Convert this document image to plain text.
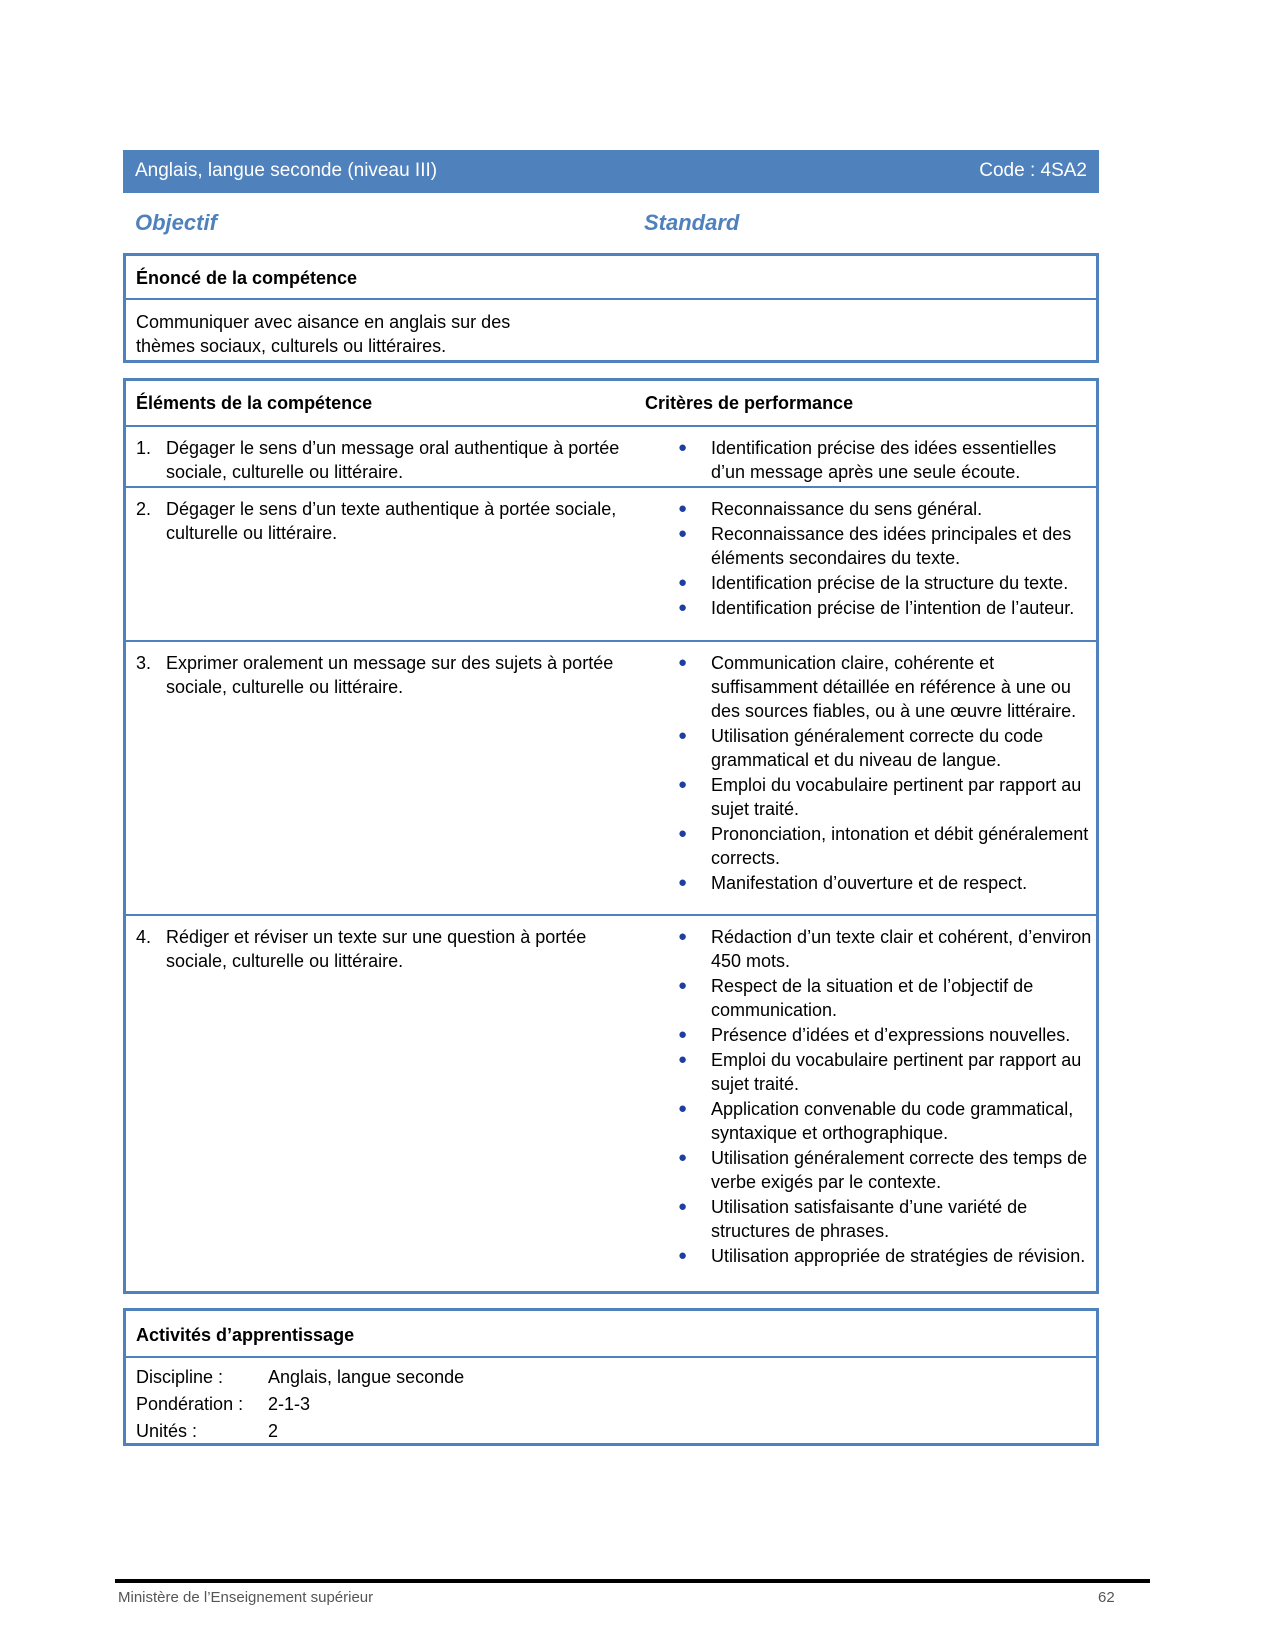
Anglais, langue seconde (niveau III)	Code : 4SA2
Objectif	Standard
Énoncé de la compétence
Communiquer avec aisance en anglais sur des
thèmes sociaux, culturels ou littéraires.
Éléments de la compétence	Critères de performance
1. Dégager le sens d’un message oral authentique à portée sociale, culturelle ou littéraire.
● Identification précise des idées essentielles d’un message après une seule écoute.
2. Dégager le sens d’un texte authentique à portée sociale, culturelle ou littéraire.
● Reconnaissance du sens général.
● Reconnaissance des idées principales et des éléments secondaires du texte.
● Identification précise de la structure du texte.
● Identification précise de l’intention de l’auteur.
3. Exprimer oralement un message sur des sujets à portée sociale, culturelle ou littéraire.
● Communication claire, cohérente et suffisamment détaillée en référence à une ou des sources fiables, ou à une œuvre littéraire.
● Utilisation généralement correcte du code grammatical et du niveau de langue.
● Emploi du vocabulaire pertinent par rapport au sujet traité.
● Prononciation, intonation et débit généralement corrects.
● Manifestation d’ouverture et de respect.
4. Rédiger et réviser un texte sur une question à portée sociale, culturelle ou littéraire.
● Rédaction d’un texte clair et cohérent, d’environ 450 mots.
● Respect de la situation et de l’objectif de communication.
● Présence d’idées et d’expressions nouvelles.
● Emploi du vocabulaire pertinent par rapport au sujet traité.
● Application convenable du code grammatical, syntaxique et orthographique.
● Utilisation généralement correcte des temps de verbe exigés par le contexte.
● Utilisation satisfaisante d’une variété de structures de phrases.
● Utilisation appropriée de stratégies de révision.
Activités d’apprentissage
Discipline : Anglais, langue seconde
Pondération : 2-1-3
Unités :	2
Ministère de l’Enseignement supérieur	62
